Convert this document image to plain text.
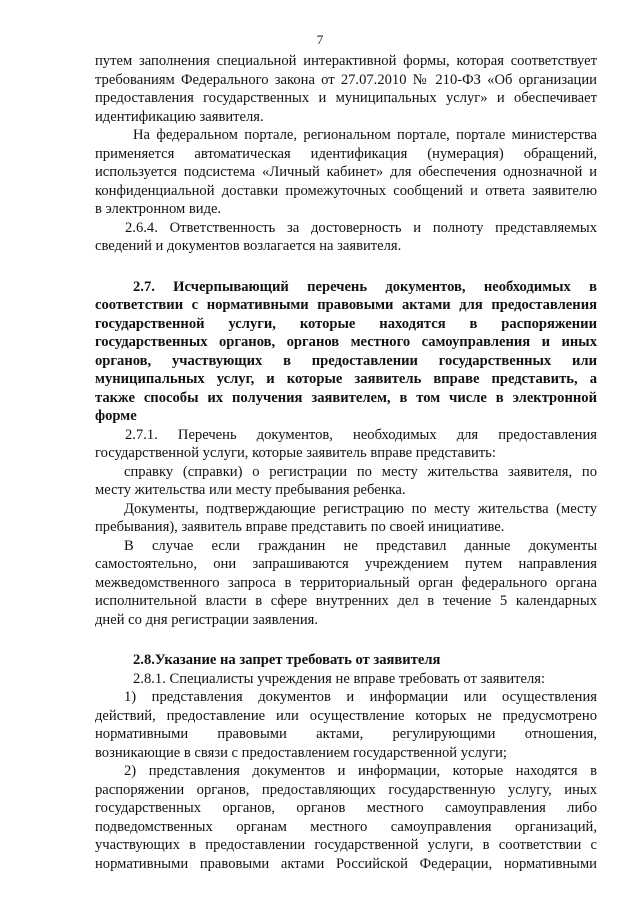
7
путем заполнения специальной интерактивной формы, которая соответствует
требованиям Федерального закона от 27.07.2010 № 210-ФЗ «Об организации
предоставления государственных и муниципальных услуг» и обеспечивает
идентификацию заявителя.
На федеральном портале, региональном портале, портале министерства
применяется автоматическая идентификация (нумерация) обращений,
используется подсистема «Личный кабинет» для обеспечения однозначной и
конфиденциальной доставки промежуточных сообщений и ответа заявителю
в электронном виде.
2.6.4. Ответственность за достоверность и полноту представляемых
сведений и документов возлагается на заявителя.
2.7. Исчерпывающий перечень документов, необходимых в
соответствии с нормативными правовыми актами для предоставления
государственной услуги, которые находятся в распоряжении
государственных органов, органов местного самоуправления и иных
органов, участвующих в предоставлении государственных или
муниципальных услуг, и которые заявитель вправе представить, а
также способы их получения заявителем, в том числе в электронной
форме
2.7.1. Перечень документов, необходимых для предоставления
государственной услуги, которые заявитель вправе представить:
справку (справки) о регистрации по месту жительства заявителя, по
месту жительства или месту пребывания ребенка.
Документы, подтверждающие регистрацию по месту жительства (месту
пребывания), заявитель вправе представить по своей инициативе.
В случае если гражданин не представил данные документы
самостоятельно, они запрашиваются учреждением путем направления
межведомственного запроса в территориальный орган федерального органа
исполнительной власти в сфере внутренних дел в течение 5 календарных
дней со дня регистрации заявления.
2.8.Указание на запрет требовать от заявителя
2.8.1. Специалисты учреждения не вправе требовать от заявителя:
1) представления документов и информации или осуществления
действий, предоставление или осуществление которых не предусмотрено
нормативными правовыми актами, регулирующими отношения,
возникающие в связи с предоставлением государственной услуги;
2) представления документов и информации, которые находятся в
распоряжении органов, предоставляющих государственную услугу, иных
государственных органов, органов местного самоуправления либо
подведомственных органам местного самоуправления организаций,
участвующих в предоставлении государственной услуги, в соответствии с
нормативными правовыми актами Российской Федерации, нормативными
